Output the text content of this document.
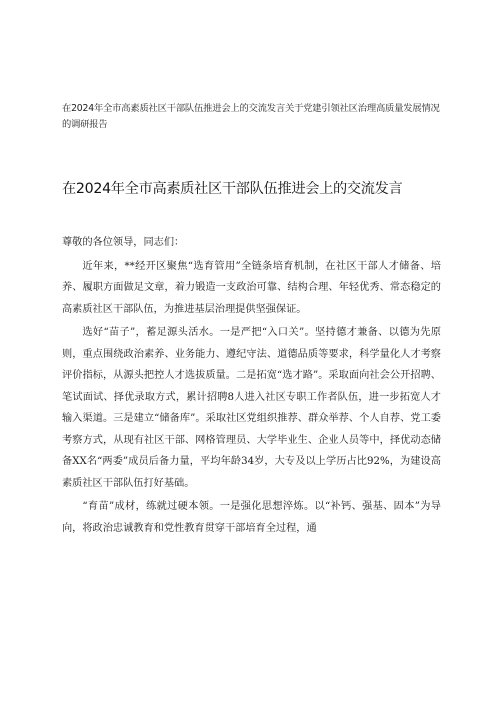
在2024年全市高素质社区干部队伍推进会上的交流发言关于党建引领社区治理高质量发展情况的调研报告
在2024年全市高素质社区干部队伍推进会上的交流发言

尊敬的各位领导，同志们：

近年来，**经开区聚焦“选育管用”全链条培育机制，在社区干部人才储备、培养、履职方面做足文章，着力锻造一支政治可靠、结构合理、年轻优秀、常态稳定的高素质社区干部队伍，为推进基层治理提供坚强保证。

选好“苗子”，蓄足源头活水。一是严把“入口关”。坚持德才兼备、以德为先原则，重点围绕政治素养、业务能力、遵纪守法、道德品质等要求，科学量化人才考察评价指标，从源头把控人才选拔质量。二是拓宽“选才路”。采取面向社会公开招聘、笔试面试、择优录取方式，累计招聘8人进入社区专职工作者队伍，进一步拓宽人才输入渠道。三是建立“储备库”。采取社区党组织推荐、群众举荐、个人自荐、党工委考察方式，从现有社区干部、网格管理员、大学毕业生、企业人员等中，择优动态储备XX名“两委”成员后备力量，平均年龄34岁，大专及以上学历占比92%，为建设高素质社区干部队伍打好基础。

“育苗”成材，练就过硬本领。一是强化思想淬炼。以“补钙、强基、固本”为导向，将政治忠诚教育和党性教育贯穿干部培育全过程，通
